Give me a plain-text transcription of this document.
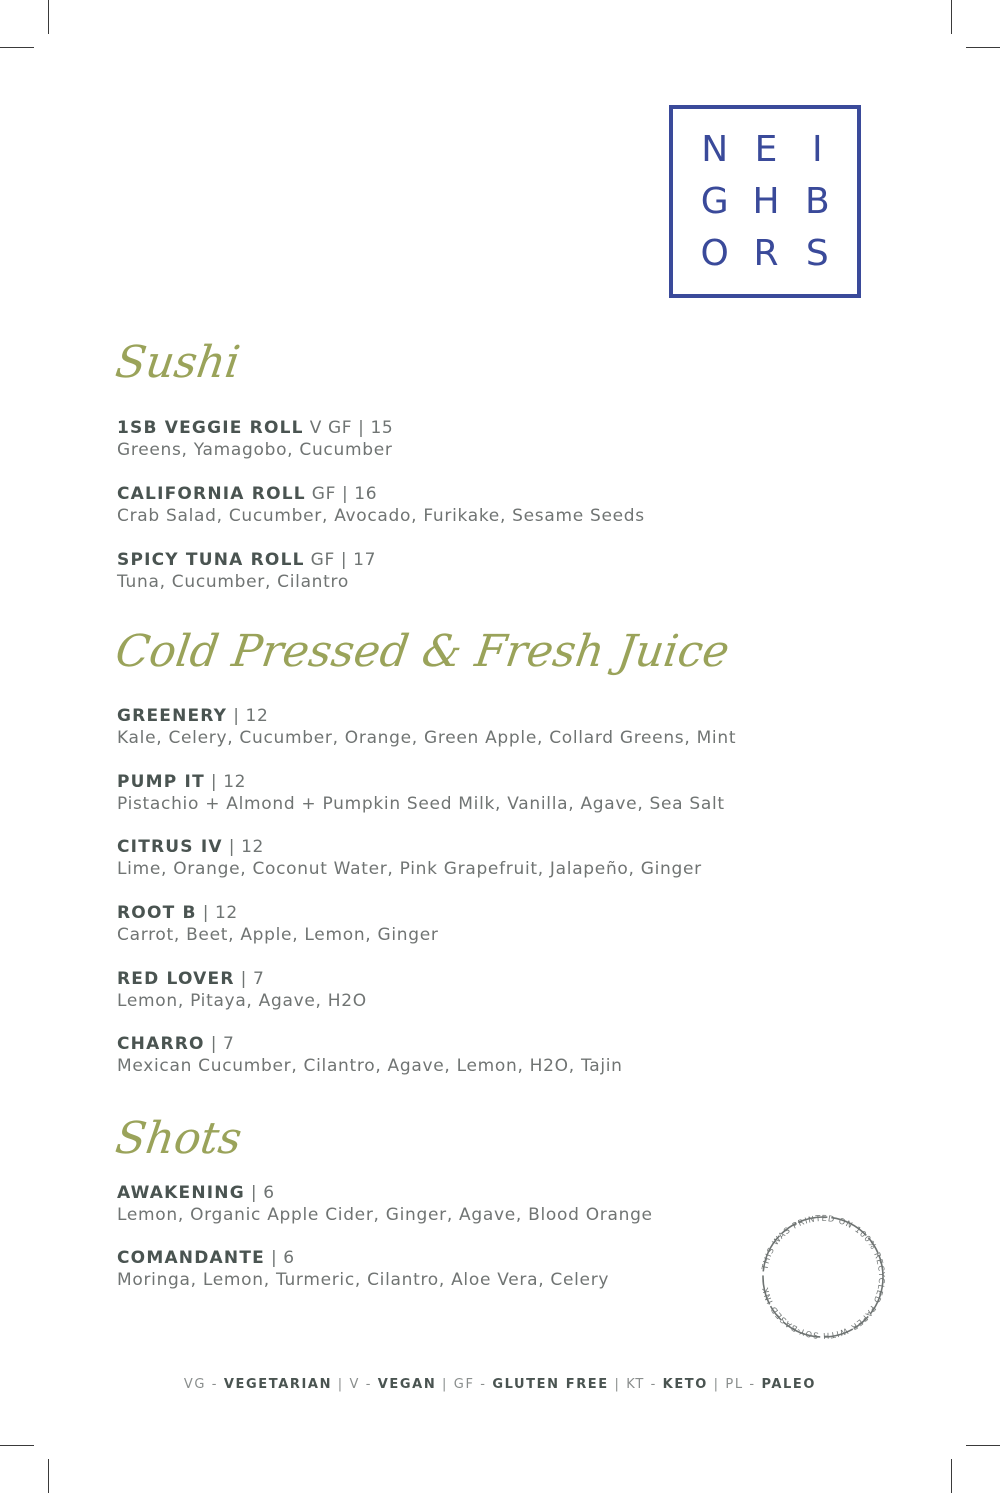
N E I
G H B
O R S
Sushi
1SB VEGGIE ROLL V GF | 15
Greens, Yamagobo, Cucumber
CALIFORNIA ROLL GF | 16
Crab Salad, Cucumber, Avocado, Furikake, Sesame Seeds
SPICY TUNA ROLL GF | 17
Tuna, Cucumber, Cilantro
Cold Pressed & Fresh Juice
GREENERY | 12
Kale, Celery, Cucumber, Orange, Green Apple, Collard Greens, Mint
PUMP IT | 12
Pistachio + Almond + Pumpkin Seed Milk, Vanilla, Agave, Sea Salt
CITRUS IV | 12
Lime, Orange, Coconut Water, Pink Grapefruit, Jalapeño, Ginger
ROOT B | 12
Carrot, Beet, Apple, Lemon, Ginger
RED LOVER | 7
Lemon, Pitaya, Agave, H2O
CHARRO | 7
Mexican Cucumber, Cilantro, Agave, Lemon, H2O, Tajin
Shots
AWAKENING | 6
Lemon, Organic Apple Cider, Ginger, Agave, Blood Orange
COMANDANTE | 6
Moringa, Lemon, Turmeric, Cilantro, Aloe Vera, Celery
THIS WAS PRINTED ON 100% RECYCLED PAPER WITH SOY-BASED INK
VG - VEGETARIAN | V - VEGAN | GF - GLUTEN FREE | KT - KETO | PL - PALEO
